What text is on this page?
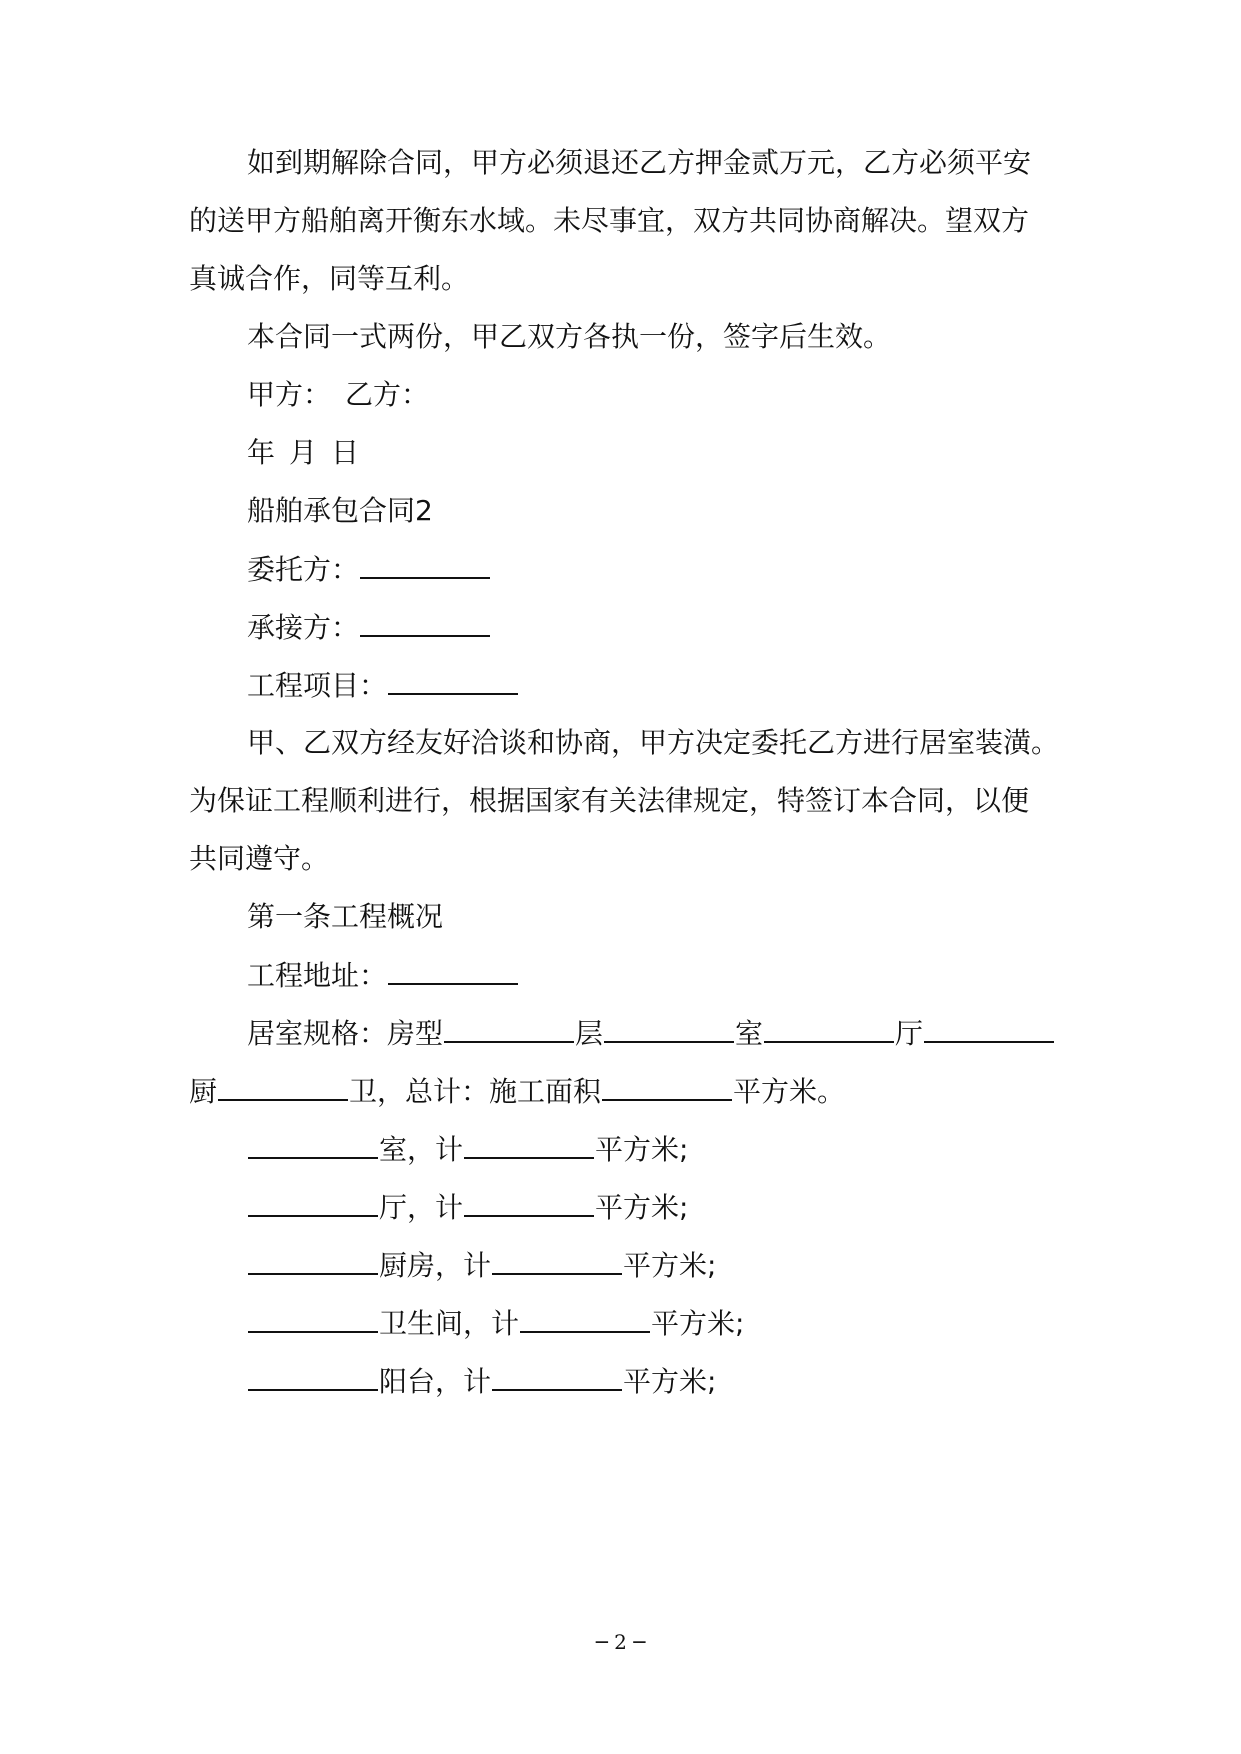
如到期解除合同，甲方必须退还乙方押金贰万元，乙方必须平安
的送甲方船舶离开衡东水域。未尽事宜，双方共同协商解决。望双方
真诚合作，同等互利。
本合同一式两份，甲乙双方各执一份，签字后生效。
甲方： 乙方：
年 月 日
船舶承包合同2
委托方：
承接方：
工程项目：
甲、乙双方经友好洽谈和协商，甲方决定委托乙方进行居室装潢。
为保证工程顺利进行，根据国家有关法律规定，特签订本合同，以便
共同遵守。
第一条工程概况
工程地址：
居室规格：房型	层	室	厅
厨	卫，总计：施工面积	平方米。
室，计	平方米;
厅，计	平方米;
厨房，计	平方米;
卫生间，计	平方米;
阳台，计	平方米;
─ 2 ─
